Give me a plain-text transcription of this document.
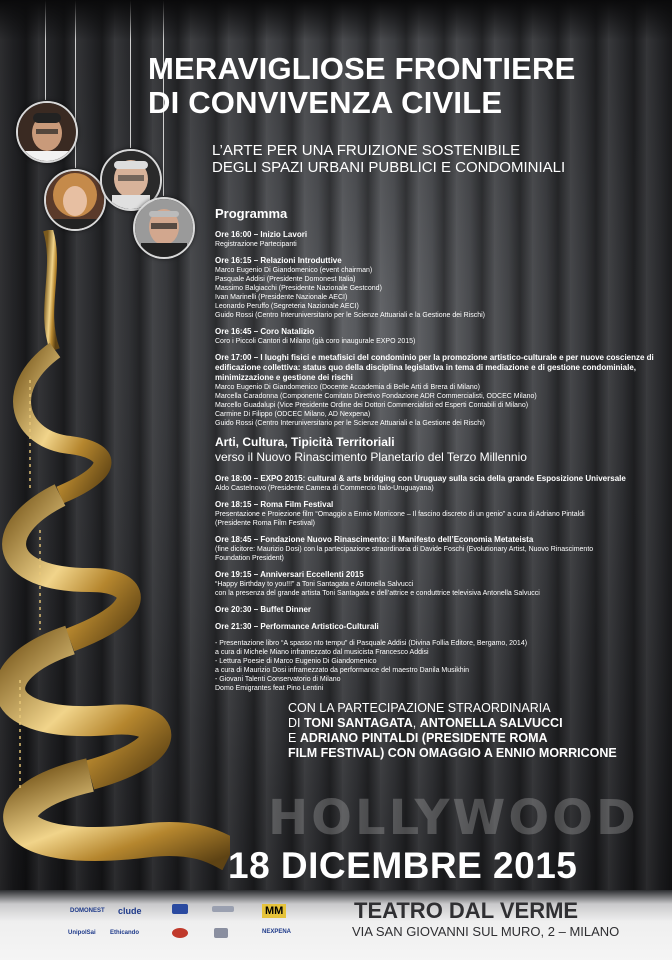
MERAVIGLIOSE FRONTIERE
DI CONVIVENZA CIVILE
L’ARTE PER UNA FRUIZIONE SOSTENIBILE
DEGLI SPAZI URBANI PUBBLICI E CONDOMINIALI
Programma
Ore 16:00 – Inizio Lavori
Registrazione Partecipanti
Ore 16:15 – Relazioni Introduttive
Marco Eugenio Di Giandomenico (event chairman)
Pasquale Addisi (Presidente Domonest Italia)
Massimo Balgiacchi (Presidente Nazionale Gestcond)
Ivan Marinelli (Presidente Nazionale AECI)
Leonardo Peruffo (Segreteria Nazionale AECI)
Guido Rossi (Centro Interuniversitario per le Scienze Attuariali e la Gestione dei Rischi)
Ore 16:45 – Coro Natalizio
Coro i Piccoli Cantori di Milano (già coro inaugurale EXPO 2015)
Ore 17:00 – I luoghi fisici e metafisici del condominio per la promozione artistico-culturale e per nuove coscienze di edificazione collettiva: status quo della disciplina legislativa in tema di mediazione e di gestione condominiale, minimizzazione e gestione dei rischi
Marco Eugenio Di Giandomenico (Docente Accademia di Belle Arti di Brera di Milano)
Marcella Caradonna (Componente Comitato Direttivo Fondazione ADR Commercialisti, ODCEC Milano)
Marcello Guadalupi (Vice Presidente Ordine dei Dottori Commercialisti ed Esperti Contabili di Milano)
Carmine Di Filippo (ODCEC Milano, AD Nexpena)
Guido Rossi (Centro Interuniversitario per le Scienze Attuariali e la Gestione dei Rischi)
Arti, Cultura, Tipicità Territoriali
verso il Nuovo Rinascimento Planetario del Terzo Millennio
Ore 18:00 – EXPO 2015: cultural & arts bridging con Uruguay sulla scia della grande Esposizione Universale
Aldo Castelnovo (Presidente Camera di Commercio Italo-Uruguayana)
Ore 18:15 – Roma Film Festival
Presentazione e Proiezione film “Omaggio a Ennio Morricone – Il fascino discreto di un genio” a cura di Adriano Pintaldi
(Presidente Roma Film Festival)
Ore 18:45 – Fondazione Nuovo Rinascimento: il Manifesto dell’Economia Metateista
(fine dicitore: Maurizio Dosi) con la partecipazione straordinaria di Davide Foschi (Evolutionary Artist, Nuovo Rinascimento
Foundation President)
Ore 19:15 – Anniversari Eccellenti 2015
“Happy Birthday to you!!!” a Toni Santagata e Antonella Salvucci
con la presenza del grande artista Toni Santagata e dell’attrice e conduttrice televisiva Antonella Salvucci
Ore 20:30 – Buffet Dinner
Ore 21:30 – Performance Artistico-Culturali
- Presentazione libro “A spasso nto tempu” di Pasquale Addisi (Divina Follia Editore, Bergamo, 2014)
a cura di Michele Miano inframezzato dal musicista Francesco Addisi
- Lettura Poesie di Marco Eugenio Di Giandomenico
a cura di Maurizio Dosi inframezzato da performance del maestro Danila Musikhin
- Giovani Talenti Conservatorio di Milano
Domo Emigrantes feat Pino Lentini
CON LA PARTECIPAZIONE STRAORDINARIA
DI TONI SANTAGATA, ANTONELLA SALVUCCI
E ADRIANO PINTALDI (PRESIDENTE ROMA
FILM FESTIVAL) CON OMAGGIO A ENNIO MORRICONE
HOLLYWOOD
18 DICEMBRE 2015
TEATRO DAL VERME
VIA SAN GIOVANNI SUL MURO, 2 – MILANO
DOMONEST clude
UnipolSai Ethicando
MM
NEXPENA
